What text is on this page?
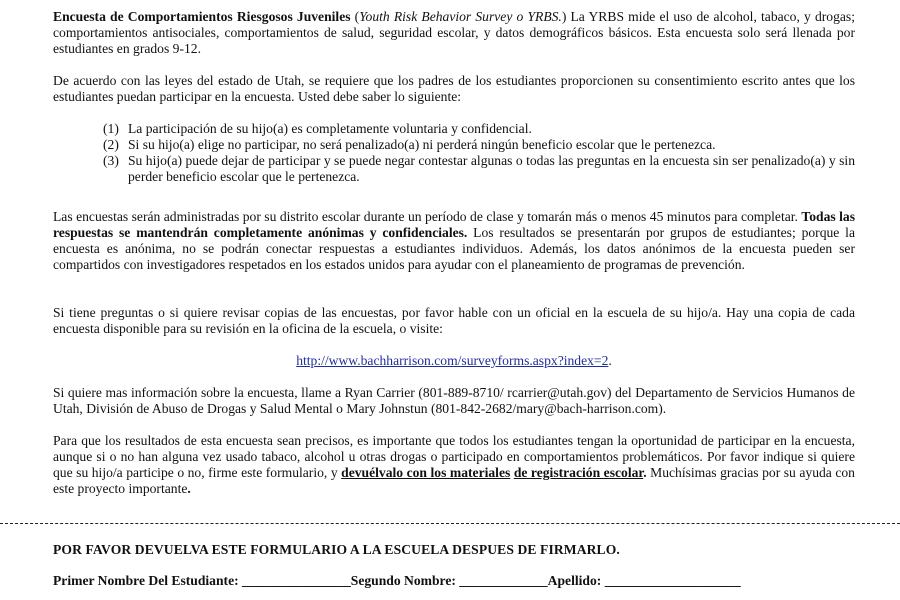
Encuesta de Comportamientos Riesgosos Juveniles (Youth Risk Behavior Survey o YRBS.) La YRBS mide el uso de alcohol, tabaco, y drogas; comportamientos antisociales, comportamientos de salud, seguridad escolar, y datos demográficos básicos. Esta encuesta solo será llenada por estudiantes en grados 9-12.

De acuerdo con las leyes del estado de Utah, se requiere que los padres de los estudiantes proporcionen su consentimiento escrito antes que los estudiantes puedan participar en la encuesta. Usted debe saber lo siguiente:

(1) La participación de su hijo(a) es completamente voluntaria y confidencial.
(2) Si su hijo(a) elige no participar, no será penalizado(a) ni perderá ningún beneficio escolar que le pertenezca.
(3) Su hijo(a) puede dejar de participar y se puede negar contestar algunas o todas las preguntas en la encuesta sin ser penalizado(a) y sin perder beneficio escolar que le pertenezca.

Las encuestas serán administradas por su distrito escolar durante un período de clase y tomarán más o menos 45 minutos para completar. Todas las respuestas se mantendrán completamente anónimas y confidenciales. Los resultados se presentarán por grupos de estudiantes; porque la encuesta es anónima, no se podrán conectar respuestas a estudiantes individuos. Además, los datos anónimos de la encuesta pueden ser compartidos con investigadores respetados en los estados unidos para ayudar con el planeamiento de programas de prevención.

Si tiene preguntas o si quiere revisar copias de las encuestas, por favor hable con un oficial en la escuela de su hijo/a. Hay una copia de cada encuesta disponible para su revisión en la oficina de la escuela, o visite:

http://www.bachharrison.com/surveyforms.aspx?index=2.

Si quiere mas información sobre la encuesta, llame a Ryan Carrier (801-889-8710/ rcarrier@utah.gov) del Departamento de Servicios Humanos de Utah, División de Abuso de Drogas y Salud Mental o Mary Johnstun (801-842-2682/mary@bach-harrison.com).

Para que los resultados de esta encuesta sean precisos, es importante que todos los estudiantes tengan la oportunidad de participar en la encuesta, aunque si o no han alguna vez usado tabaco, alcohol u otras drogas o participado en comportamientos problemáticos. Por favor indique si quiere que su hijo/a participe o no, firme este formulario, y devuélvalo con los materiales de registración escolar. Muchísimas gracias por su ayuda con este proyecto importante.

POR FAVOR DEVUELVA ESTE FORMULARIO A LA ESCUELA DESPUES DE FIRMARLO.
Primer Nombre Del Estudiante: ________________Segundo Nombre: _____________Apellido: ____________________
